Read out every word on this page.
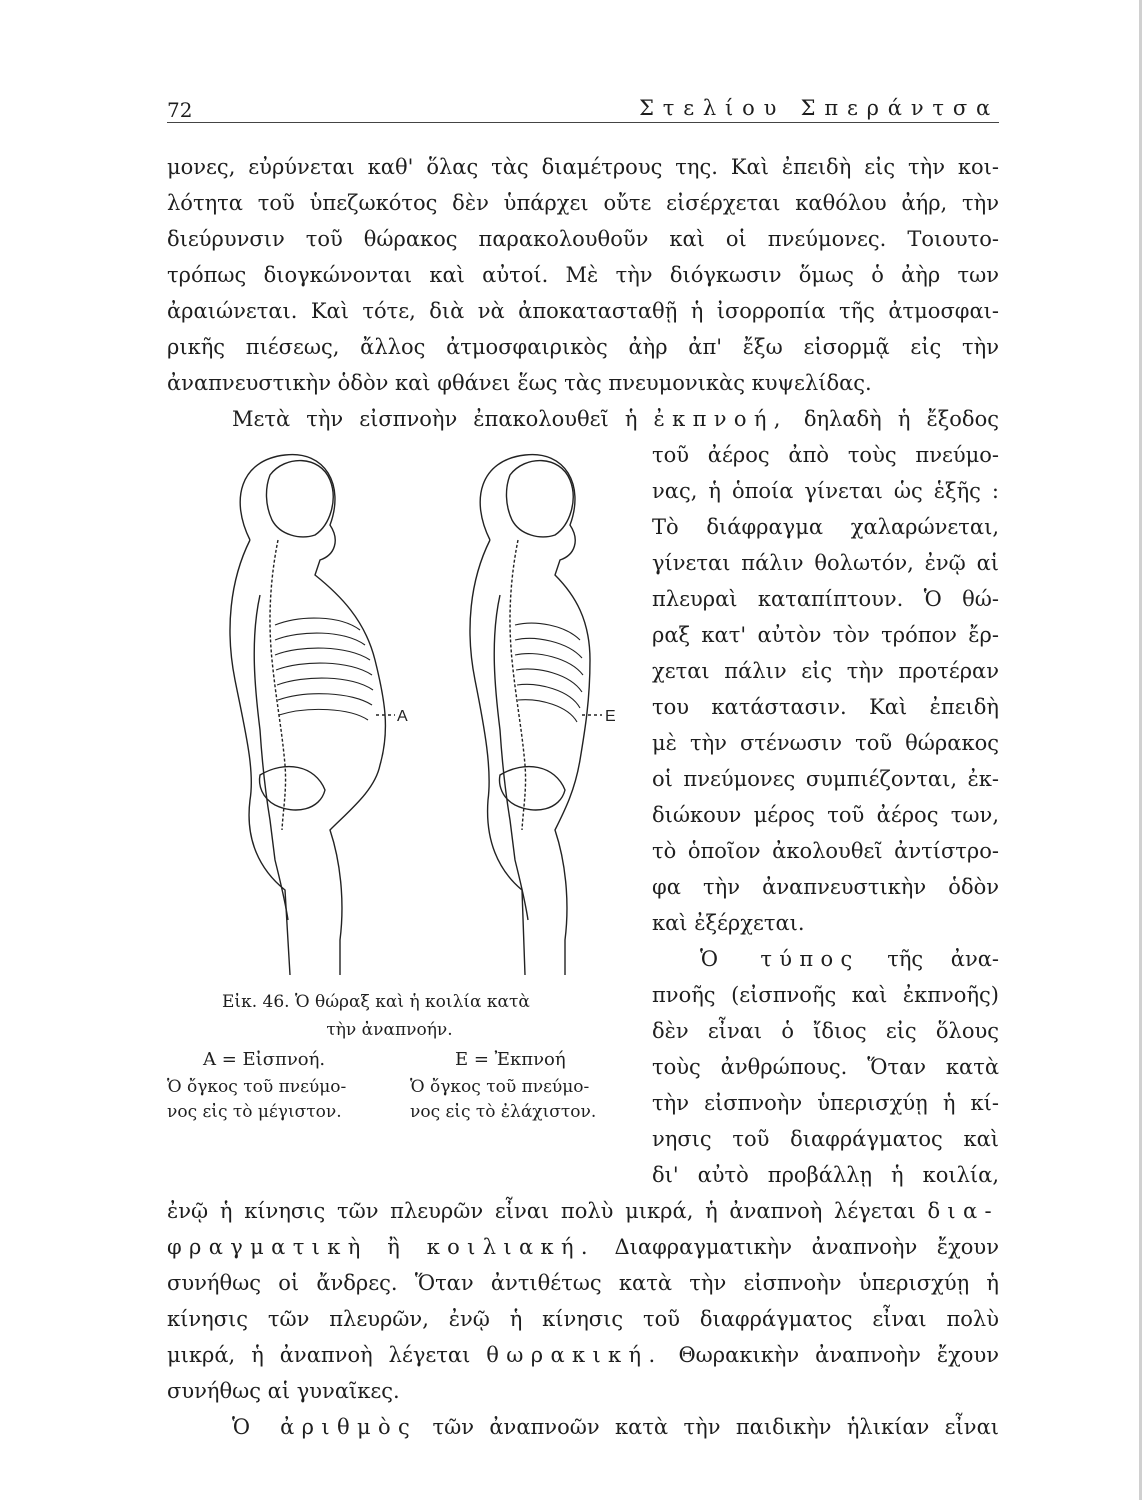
72	Στελίου Σπεράντσα
μονες, εὐρύνεται καθ' ὅλας τὰς διαμέτρους της. Καὶ ἐπειδὴ εἰς τὴν κοι-
λότητα τοῦ ὑπεζωκότος δὲν ὑπάρχει οὔτε εἰσέρχεται καθόλου ἀήρ, τὴν
διεύρυνσιν τοῦ θώρακος παρακολουθοῦν καὶ οἱ πνεύμονες. Τοιουτο-
τρόπως διογκώνονται καὶ αὐτοί. Μὲ τὴν διόγκωσιν ὅμως ὁ ἀὴρ των
ἀραιώνεται. Καὶ τότε, διὰ νὰ ἀποκατασταθῇ ἡ ἰσορροπία τῆς ἀτμοσφαι-
ρικῆς πιέσεως, ἄλλος ἀτμοσφαιρικὸς ἀὴρ ἀπ' ἔξω εἰσορμᾷ εἰς τὴν
ἀναπνευστικὴν ὁδὸν καὶ φθάνει ἕως τὰς πνευμονικὰς κυψελίδας.
Μετὰ τὴν εἰσπνοὴν ἐπακολουθεῖ ἡ ἐκπνοή, δηλαδὴ ἡ ἔξοδος
τοῦ ἀέρος ἀπὸ τοὺς πνεύμο-
νας, ἡ ὁποία γίνεται ὡς ἑξῆς :
Τὸ διάφραγμα χαλαρώνεται,
γίνεται πάλιν θολωτόν, ἐνῷ αἱ
πλευραὶ καταπίπτουν. Ὁ θώ-
ραξ κατ' αὐτὸν τὸν τρόπον ἔρ-
χεται πάλιν εἰς τὴν προτέραν
του κατάστασιν. Καὶ ἐπειδὴ
μὲ τὴν στένωσιν τοῦ θώρακος
οἱ πνεύμονες συμπιέζονται, ἐκ-
διώκουν μέρος τοῦ ἀέρος των,
τὸ ὁποῖον ἀκολουθεῖ ἀντίστρο-
φα τὴν ἀναπνευστικὴν ὁδὸν
καὶ ἐξέρχεται.
Ὁ τύπος τῆς ἀνα-
πνοῆς (εἰσπνοῆς καὶ ἐκπνοῆς)
δὲν εἶναι ὁ ἴδιος εἰς ὅλους
τοὺς ἀνθρώπους. Ὅταν κατὰ
τὴν εἰσπνοὴν ὑπερισχύῃ ἡ κί-
νησις τοῦ διαφράγματος καὶ
δι' αὐτὸ προβάλλῃ ἡ κοιλία,
ἐνῷ ἡ κίνησις τῶν πλευρῶν εἶναι πολὺ μικρά, ἡ ἀναπνοὴ λέγεται δια-
φραγματικὴ ἢ κοιλιακή. Διαφραγματικὴν ἀναπνοὴν ἔχουν
συνήθως οἱ ἄνδρες. Ὅταν ἀντιθέτως κατὰ τὴν εἰσπνοὴν ὑπερισχύῃ ἡ
κίνησις τῶν πλευρῶν, ἐνῷ ἡ κίνησις τοῦ διαφράγματος εἶναι πολὺ
μικρά, ἡ ἀναπνοὴ λέγεται θωρακική. Θωρακικὴν ἀναπνοὴν ἔχουν
συνήθως αἱ γυναῖκες.
Ὁ ἀριθμὸς τῶν ἀναπνοῶν κατὰ τὴν παιδικὴν ἡλικίαν εἶναι
A	E
Εἰκ. 46. Ὁ θώραξ καὶ ἡ κοιλία κατὰ
τὴν ἀναπνοήν.
A = Εἰσπνοή.
Ὁ ὄγκος τοῦ πνεύμο-
νος εἰς τὸ μέγιστον.
E = Ἐκπνοή
Ὁ ὄγκος τοῦ πνεύμο-
νος εἰς τὸ ἐλάχιστον.
